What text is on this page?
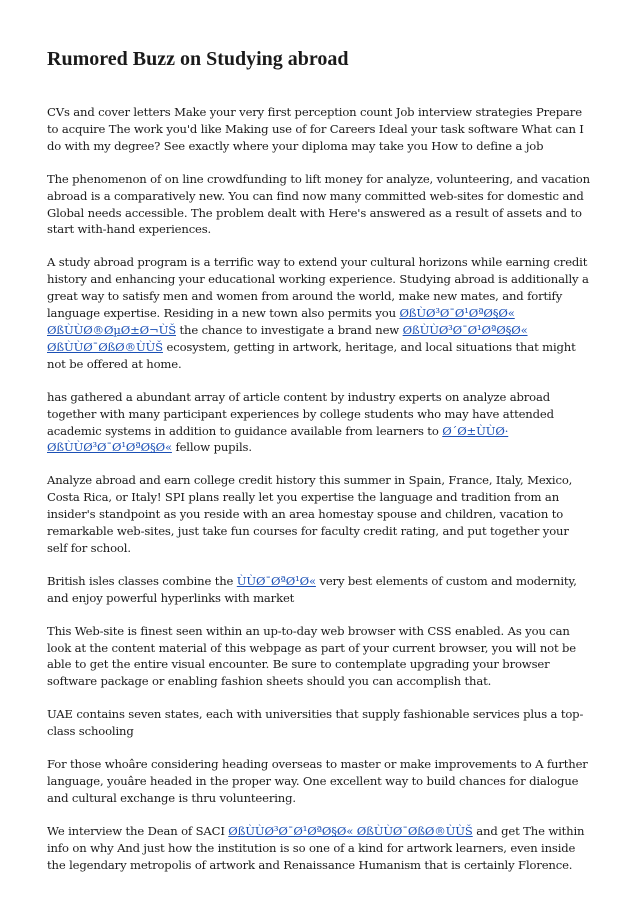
Rumored Buzz on Studying abroad

CVs and cover letters Make your very first perception count Job interview strategies Prepare to acquire The work you'd like Making use of for Careers Ideal your task software What can I do with my degree? See exactly where your diploma may take you How to define a job

The phenomenon of on line crowdfunding to lift money for analyze, volunteering, and vacation abroad is a comparatively new. You can find now many committed web-sites for domestic and Global needs accessible. The problem dealt with Here's answered as a result of assets and to start with-hand experiences.

A study abroad program is a terrific way to extend your cultural horizons while earning credit history and enhancing your educational working experience. Studying abroad is additionally a great way to satisfy men and women from around the world, make new mates, and fortify language expertise. Residing in a new town also permits you ØßÙØ³Ø¯Ø¹ØªØ§Ø« ØßÙÙØ®ØµØ±Ø¬ÙŠ the chance to investigate a brand new ØßÙÙØ³Ø¯Ø¹ØªØ§Ø« ØßÙÙØ¯ØßØ®ÙÙŠ ecosystem, getting in artwork, heritage, and local situations that might not be offered at home.

has gathered a abundant array of article content by industry experts on analyze abroad together with many participant experiences by college students who may have attended academic systems in addition to guidance available from learners to Ø´Ø±ÙÙØ· ØßÙÙØ³Ø¯Ø¹ØªØ§Ø« fellow pupils.

Analyze abroad and earn college credit history this summer in Spain, France, Italy, Mexico, Costa Rica, or Italy! SPI plans really let you expertise the language and tradition from an insider's standpoint as you reside with an area homestay spouse and children, vacation to remarkable web-sites, just take fun courses for faculty credit rating, and put together your self for school.

British isles classes combine the ÙÙØ¯ØªØ¹Ø« very best elements of custom and modernity, and enjoy powerful hyperlinks with market

This Web-site is finest seen within an up-to-day web browser with CSS enabled. As you can look at the content material of this webpage as part of your current browser, you will not be able to get the entire visual encounter. Be sure to contemplate upgrading your browser software package or enabling fashion sheets should you can accomplish that.

UAE contains seven states, each with universities that supply fashionable services plus a top-class schooling

For those whoâre considering heading overseas to master or make improvements to A further language, youâre headed in the proper way. One excellent way to build chances for dialogue and cultural exchange is thru volunteering.

We interview the Dean of SACI ØßÙÙØ³Ø¯Ø¹ØªØ§Ø« ØßÙÙØ¯ØßØ®ÙÙŠ and get The within info on why And just how the institution is so one of a kind for artwork learners, even inside the legendary metropolis of artwork and Renaissance Humanism that is certainly Florence.
